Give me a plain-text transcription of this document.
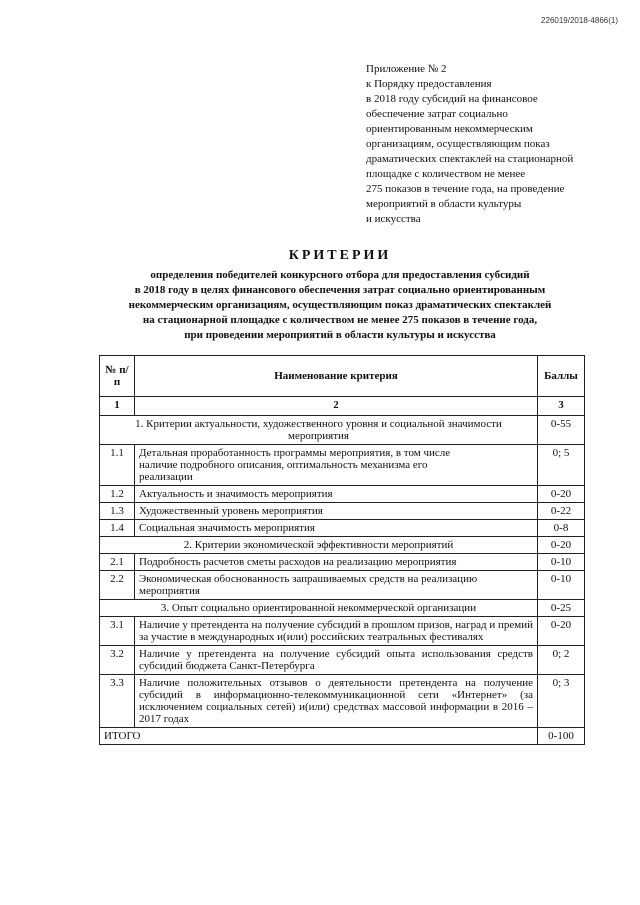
226019/2018-4866(1)
Приложение № 2
к Порядку предоставления
в 2018 году субсидий на финансовое
обеспечение затрат социально
ориентированным некоммерческим
организациям, осуществляющим показ
драматических спектаклей на стационарной
площадке с количеством не менее
275 показов в течение года, на проведение
мероприятий в области культуры
и искусства
КРИТЕРИИ
определения победителей конкурсного отбора для предоставления субсидий
в 2018 году в целях финансового обеспечения затрат социально ориентированным
некоммерческим организациям, осуществляющим показ драматических спектаклей
на стационарной площадке с количеством не менее 275 показов в течение года,
при проведении мероприятий в области культуры и искусства
№ п/п	Наименование критерия	Баллы
1	2	3
1. Критерии актуальности, художественного уровня и социальной значимости мероприятия		0-55
1.1	Детальная проработанность программы мероприятия, в том числе наличие подробного описания, оптимальность механизма его реализации	0; 5
1.2	Актуальность и значимость мероприятия	0-20
1.3	Художественный уровень мероприятия	0-22
1.4	Социальная значимость мероприятия	0-8
2. Критерии экономической эффективности мероприятий		0-20
2.1	Подробность расчетов сметы расходов на реализацию мероприятия	0-10
2.2	Экономическая обоснованность запрашиваемых средств на реализацию мероприятия	0-10
3. Опыт социально ориентированной некоммерческой организации		0-25
3.1	Наличие у претендента на получение субсидий в прошлом призов, наград и премий за участие в международных и(или) российских театральных фестивалях	0-20
3.2	Наличие у претендента на получение субсидий опыта использования средств субсидий бюджета Санкт-Петербурга	0; 2
3.3	Наличие положительных отзывов о деятельности претендента на получение субсидий в информационно-телекоммуникационной сети «Интернет» (за исключением социальных сетей) и(или) средствах массовой информации в 2016 – 2017 годах	0; 3
ИТОГО		0-100
